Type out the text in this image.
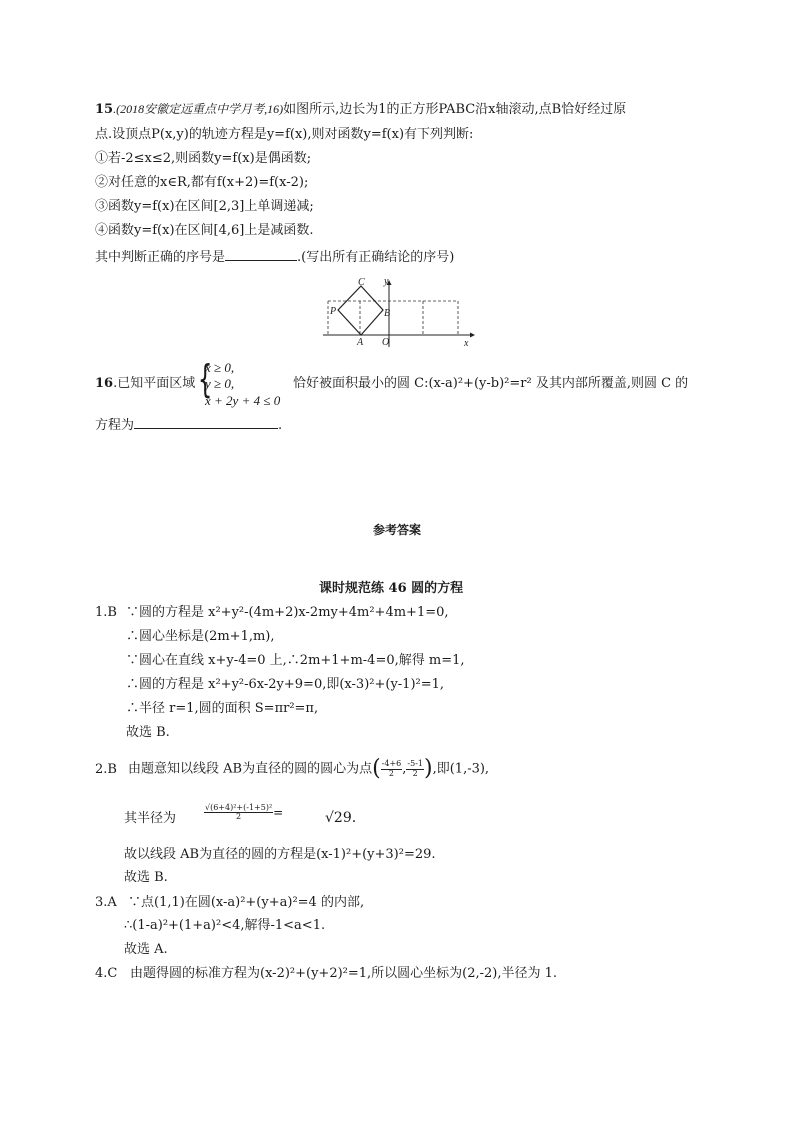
15.(2018安徽定远重点中学月考,16)如图所示,边长为1的正方形PABC沿x轴滚动,点B恰好经过原
点.设顶点P(x,y)的轨迹方程是y=f(x),则对函数y=f(x)有下列判断:
①若-2≤x≤2,则函数y=f(x)是偶函数;
②对任意的x∈R,都有f(x+2)=f(x-2);
③函数y=f(x)在区间[2,3]上单调递减;
④函数y=f(x)在区间[4,6]上是减函数.
其中判断正确的序号是	.(写出所有正确结论的序号)
C
P	B
A O
y
x
16.已知平面区域 {
x ≥ 0,
y ≥ 0,
x + 2y + 4 ≤ 0
恰好被面积最小的圆 C:(x-a)²+(y-b)²=r² 及其内部所覆盖,则圆 C 的
方程为	.
参考答案
课时规范练 46 圆的方程
1.B ∵圆的方程是 x²+y²-(4m+2)x-2my+4m²+4m+1=0,
∴圆心坐标是(2m+1,m),
∵圆心在直线 x+y-4=0 上,∴2m+1+m-4=0,解得 m=1,
∴圆的方程是 x²+y²-6x-2y+9=0,即(x-3)²+(y-1)²=1,
∴半径 r=1,圆的面积 S=πr²=π,
故选 B.
2.B 由题意知以线段 AB为直径的圆的圆心为点( $\frac{-4+6}{2}$ , $\frac{-5-1}{2}$ ),即(1,-3),
其半径为	$\frac{\text{√(6+4)²+(-1+5)²}}{2}$ =	√29.
故以线段 AB为直径的圆的方程是(x-1)²+(y+3)²=29.
故选 B.
3.A ∵点(1,1)在圆(x-a)²+(y+a)²=4 的内部,
∴(1-a)²+(1+a)²<4,解得-1<a<1.
故选 A.
4.C 由题得圆的标准方程为(x-2)²+(y+2)²=1,所以圆心坐标为(2,-2),半径为 1.
